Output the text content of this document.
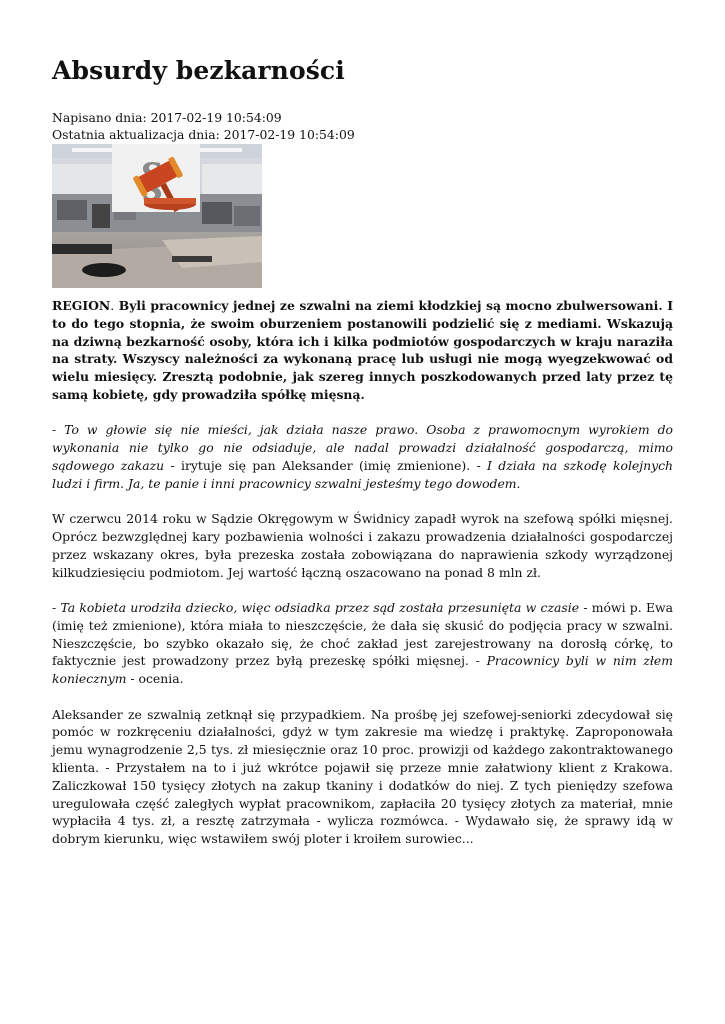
Absurdy bezkarności
Napisano dnia: 2017-02-19 10:54:09
Ostatnia aktualizacja dnia: 2017-02-19 10:54:09

REGION. Byli pracownicy jednej ze szwalni na ziemi kłodzkiej są mocno zbulwersowani. I to do tego stopnia, że swoim oburzeniem postanowili podzielić się z mediami. Wskazują na dziwną bezkarność osoby, która ich i kilka podmiotów gospodarczych w kraju naraziła na straty. Wszyscy należności za wykonaną pracę lub usługi nie mogą wyegzekwować od wielu miesięcy. Zresztą podobnie, jak szereg innych poszkodowanych przed laty przez tę samą kobietę, gdy prowadziła spółkę mięsną.

- To w głowie się nie mieści, jak działa nasze prawo. Osoba z prawomocnym wyrokiem do wykonania nie tylko go nie odsiaduje, ale nadal prowadzi działalność gospodarczą, mimo sądowego zakazu - irytuje się pan Aleksander (imię zmienione). - I działa na szkodę kolejnych ludzi i firm. Ja, te panie i inni pracownicy szwalni jesteśmy tego dowodem.

W czerwcu 2014 roku w Sądzie Okręgowym w Świdnicy zapadł wyrok na szefową spółki mięsnej. Oprócz bezwzględnej kary pozbawienia wolności i zakazu prowadzenia działalności gospodarczej przez wskazany okres, była prezeska została zobowiązana do naprawienia szkody wyrządzonej kilkudziesięciu podmiotom. Jej wartość łączną oszacowano na ponad 8 mln zł.

- Ta kobieta urodziła dziecko, więc odsiadka przez sąd została przesunięta w czasie - mówi p. Ewa (imię też zmienione), która miała to nieszczęście, że dała się skusić do podjęcia pracy w szwalni. Nieszczęście, bo szybko okazało się, że choć zakład jest zarejestrowany na dorosłą córkę, to faktycznie jest prowadzony przez byłą prezeskę spółki mięsnej. - Pracownicy byli w nim złem koniecznym - ocenia.

Aleksander ze szwalnią zetknął się przypadkiem. Na prośbę jej szefowej-seniorki zdecydował się pomóc w rozkręceniu działalności, gdyż w tym zakresie ma wiedzę i praktykę. Zaproponowała jemu wynagrodzenie 2,5 tys. zł miesięcznie oraz 10 proc. prowizji od każdego zakontraktowanego klienta. - Przystałem na to i już wkrótce pojawił się przeze mnie załatwiony klient z Krakowa. Zaliczkował 150 tysięcy złotych na zakup tkaniny i dodatków do niej. Z tych pieniędzy szefowa uregulowała część zaległych wypłat pracownikom, zapłaciła 20 tysięcy złotych za materiał, mnie wypłaciła 4 tys. zł, a resztę zatrzymała - wylicza rozmówca. - Wydawało się, że sprawy idą w dobrym kierunku, więc wstawiłem swój ploter i kroiłem surowiec...
